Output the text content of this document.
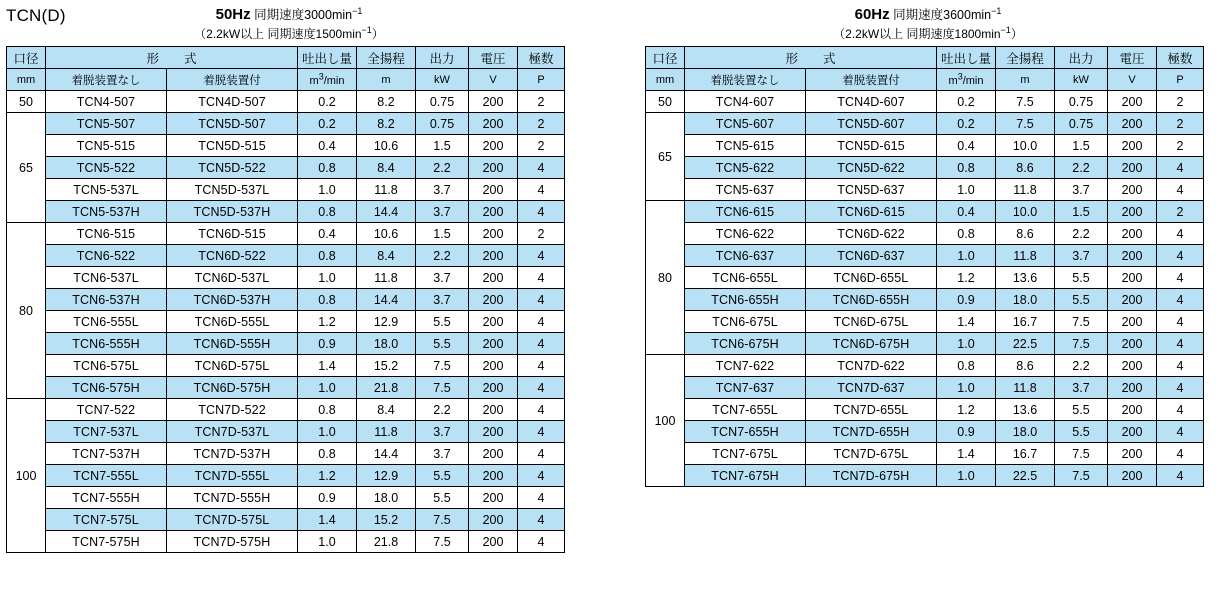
TCN(D)	50Hz 同期速度$3000\min^{-1}$
（2.2kW以上 同期速度$1500\min^{-1}$）
口径	形　　式		吐出し量	全揚程	出力	電圧	極数
mm	着脱装置なし	着脱装置付	$m^3/\min$	m	kW	V	P
50	TCN4-507	TCN4D-507	0.2	8.2	0.75	200	2
65	TCN5-507	TCN5D-507	0.2	8.2	0.75	200	2
	TCN5-515	TCN5D-515	0.4	10.6	1.5	200	2
	TCN5-522	TCN5D-522	0.8	8.4	2.2	200	4
	TCN5-537L	TCN5D-537L	1.0	11.8	3.7	200	4
	TCN5-537H	TCN5D-537H	0.8	14.4	3.7	200	4
80	TCN6-515	TCN6D-515	0.4	10.6	1.5	200	2
	TCN6-522	TCN6D-522	0.8	8.4	2.2	200	4
	TCN6-537L	TCN6D-537L	1.0	11.8	3.7	200	4
	TCN6-537H	TCN6D-537H	0.8	14.4	3.7	200	4
	TCN6-555L	TCN6D-555L	1.2	12.9	5.5	200	4
	TCN6-555H	TCN6D-555H	0.9	18.0	5.5	200	4
	TCN6-575L	TCN6D-575L	1.4	15.2	7.5	200	4
	TCN6-575H	TCN6D-575H	1.0	21.8	7.5	200	4
100	TCN7-522	TCN7D-522	0.8	8.4	2.2	200	4
	TCN7-537L	TCN7D-537L	1.0	11.8	3.7	200	4
	TCN7-537H	TCN7D-537H	0.8	14.4	3.7	200	4
	TCN7-555L	TCN7D-555L	1.2	12.9	5.5	200	4
	TCN7-555H	TCN7D-555H	0.9	18.0	5.5	200	4
	TCN7-575L	TCN7D-575L	1.4	15.2	7.5	200	4
	TCN7-575H	TCN7D-575H	1.0	21.8	7.5	200	4
60Hz 同期速度$3600\min^{-1}$
（2.2kW以上 同期速度$1800\min^{-1}$）
口径	形　　式		吐出し量	全揚程	出力	電圧	極数
mm	着脱装置なし	着脱装置付	$m^3/\min$	m	kW	V	P
50	TCN4-607	TCN4D-607	0.2	7.5	0.75	200	2
65	TCN5-607	TCN5D-607	0.2	7.5	0.75	200	2
	TCN5-615	TCN5D-615	0.4	10.0	1.5	200	2
	TCN5-622	TCN5D-622	0.8	8.6	2.2	200	4
	TCN5-637	TCN5D-637	1.0	11.8	3.7	200	4
80	TCN6-615	TCN6D-615	0.4	10.0	1.5	200	2
	TCN6-622	TCN6D-622	0.8	8.6	2.2	200	4
	TCN6-637	TCN6D-637	1.0	11.8	3.7	200	4
	TCN6-655L	TCN6D-655L	1.2	13.6	5.5	200	4
	TCN6-655H	TCN6D-655H	0.9	18.0	5.5	200	4
	TCN6-675L	TCN6D-675L	1.4	16.7	7.5	200	4
	TCN6-675H	TCN6D-675H	1.0	22.5	7.5	200	4
100	TCN7-622	TCN7D-622	0.8	8.6	2.2	200	4
	TCN7-637	TCN7D-637	1.0	11.8	3.7	200	4
	TCN7-655L	TCN7D-655L	1.2	13.6	5.5	200	4
	TCN7-655H	TCN7D-655H	0.9	18.0	5.5	200	4
	TCN7-675L	TCN7D-675L	1.4	16.7	7.5	200	4
	TCN7-675H	TCN7D-675H	1.0	22.5	7.5	200	4
